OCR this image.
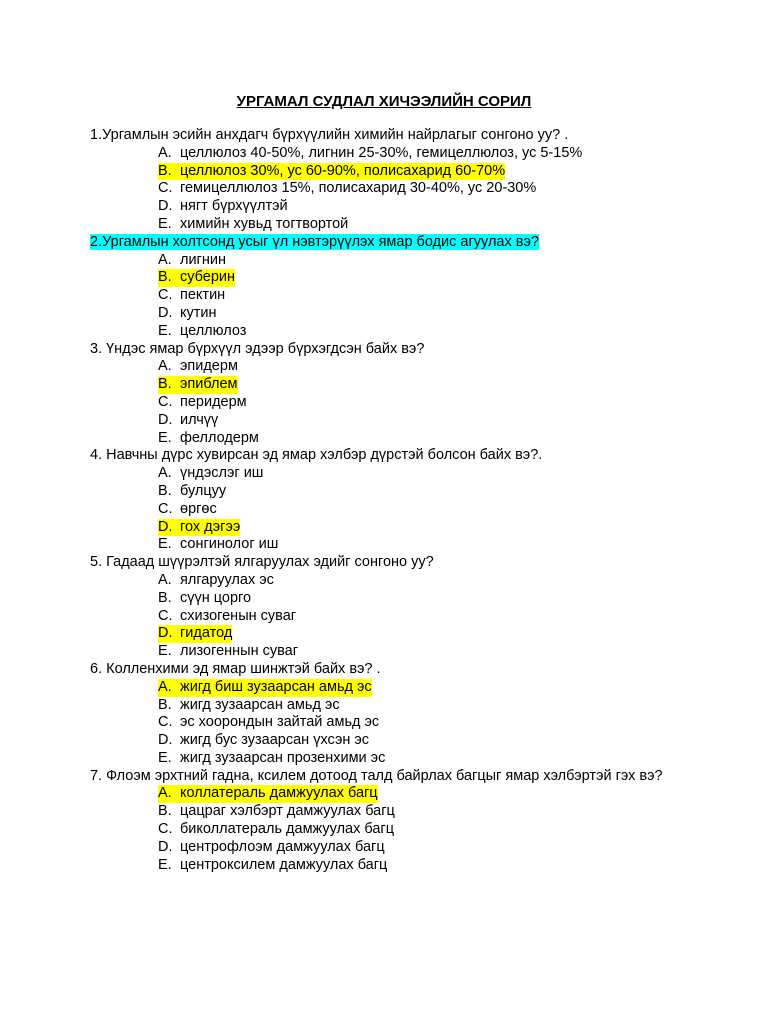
УРГАМАЛ СУДЛАЛ ХИЧЭЭЛИЙН СОРИЛ
1.Ургамлын эсийн анхдагч бүрхүүлийн химийн найрлагыг сонгоно уу? .
A. целлюлоз 40-50%, лигнин 25-30%, гемицеллюлоз, ус 5-15%
B. целлюлоз 30%, ус 60-90%, полисахарид 60-70%
C. гемицеллюлоз 15%, полисахарид 30-40%, ус 20-30%
D. нягт бүрхүүлтэй
E. химийн хувьд тогтвортой
2.Ургамлын холтсонд усыг үл нэвтэрүүлэх ямар бодис агуулах вэ?
A. лигнин
B. суберин
C. пектин
D. кутин
E. целлюлоз
3. Үндэс ямар бүрхүүл эдээр бүрхэгдсэн байх вэ?
A. эпидерм
B. эпиблем
C. перидерм
D. илчүү
E. феллодерм
4. Навчны дүрс хувирсан эд ямар хэлбэр дүрстэй болсон байх вэ?.
A. үндэслэг иш
B. булцуу
C. өргөс
D. гох дэгээ
E. сонгинолог иш
5. Гадаад шүүрэлтэй ялгаруулах эдийг сонгоно уу?
A. ялгаруулах эс
B. сүүн цорго
C. схизогенын суваг
D. гидатод
E. лизогеннын суваг
6. Колленхими эд ямар шинжтэй байх вэ? .
A. жигд биш зузаарсан амьд эс
B. жигд зузаарсан амьд эс
C. эс хоорондын зайтай амьд эс
D. жигд бус зузаарсан үхсэн эс
E. жигд зузаарсан прозенхими эс
7. Флоэм эрхтний гадна, ксилем дотоод талд байрлах багцыг ямар хэлбэртэй гэх вэ?
A. коллатераль дамжуулах багц
B. цацраг хэлбэрт дамжуулах багц
C. биколлатераль дамжуулах багц
D. центрофлоэм дамжуулах багц
E. центроксилем дамжуулах багц
